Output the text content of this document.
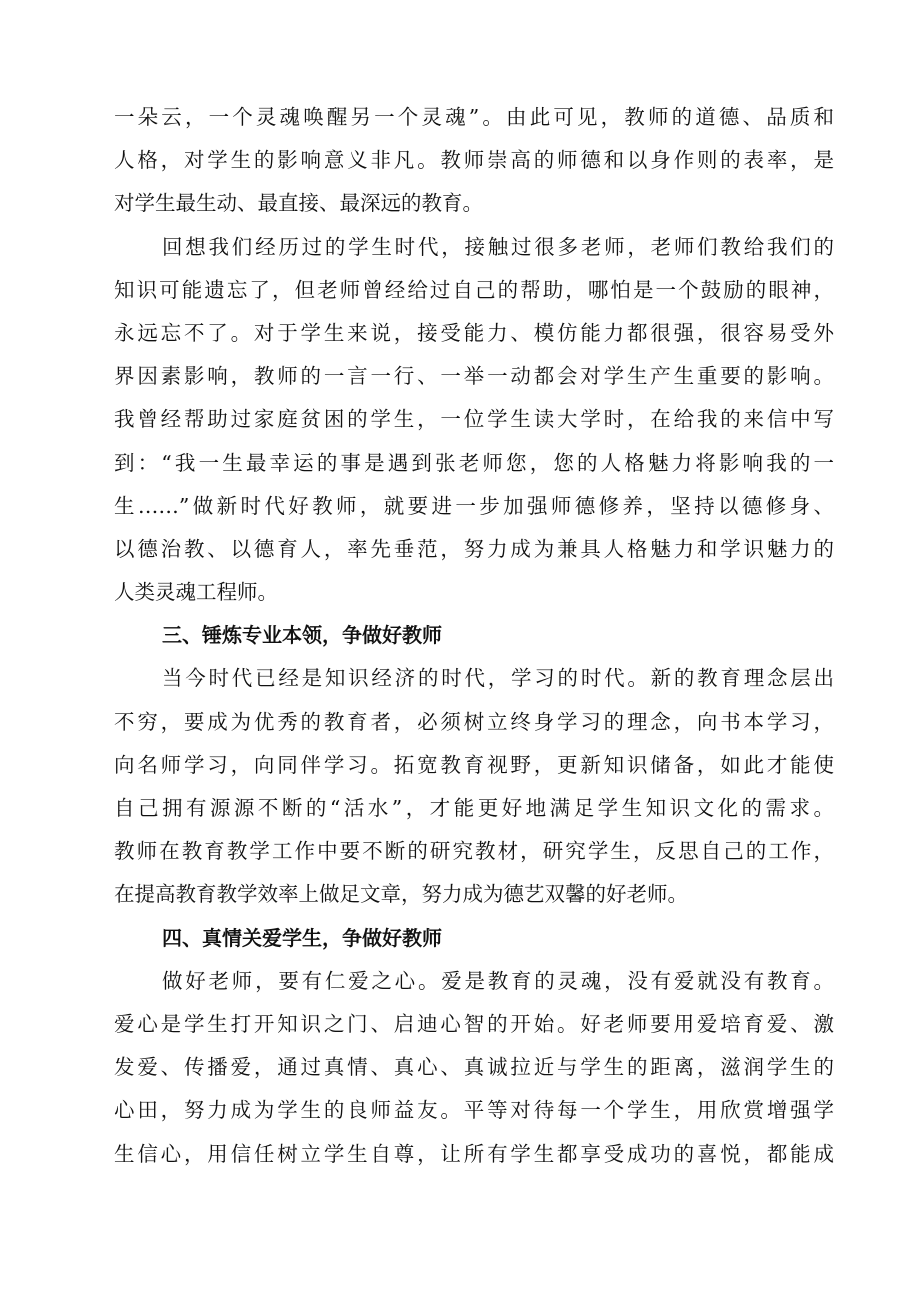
一朵云，一个灵魂唤醒另一个灵魂”。由此可见，教师的道德、品质和
人格，对学生的影响意义非凡。教师崇高的师德和以身作则的表率，是
对学生最生动、最直接、最深远的教育。
回想我们经历过的学生时代，接触过很多老师，老师们教给我们的
知识可能遗忘了，但老师曾经给过自己的帮助，哪怕是一个鼓励的眼神，
永远忘不了。对于学生来说，接受能力、模仿能力都很强，很容易受外
界因素影响，教师的一言一行、一举一动都会对学生产生重要的影响。
我曾经帮助过家庭贫困的学生，一位学生读大学时，在给我的来信中写
到：“我一生最幸运的事是遇到张老师您，您的人格魅力将影响我的一
生……”做新时代好教师，就要进一步加强师德修养，坚持以德修身、
以德治教、以德育人，率先垂范，努力成为兼具人格魅力和学识魅力的
人类灵魂工程师。
三、锤炼专业本领，争做好教师
当今时代已经是知识经济的时代，学习的时代。新的教育理念层出
不穷，要成为优秀的教育者，必须树立终身学习的理念，向书本学习，
向名师学习，向同伴学习。拓宽教育视野，更新知识储备，如此才能使
自己拥有源源不断的“活水”，才能更好地满足学生知识文化的需求。
教师在教育教学工作中要不断的研究教材，研究学生，反思自己的工作，
在提高教育教学效率上做足文章，努力成为德艺双馨的好老师。
四、真情关爱学生，争做好教师
做好老师，要有仁爱之心。爱是教育的灵魂，没有爱就没有教育。
爱心是学生打开知识之门、启迪心智的开始。好老师要用爱培育爱、激
发爱、传播爱，通过真情、真心、真诚拉近与学生的距离，滋润学生的
心田，努力成为学生的良师益友。平等对待每一个学生，用欣赏增强学
生信心，用信任树立学生自尊，让所有学生都享受成功的喜悦，都能成
